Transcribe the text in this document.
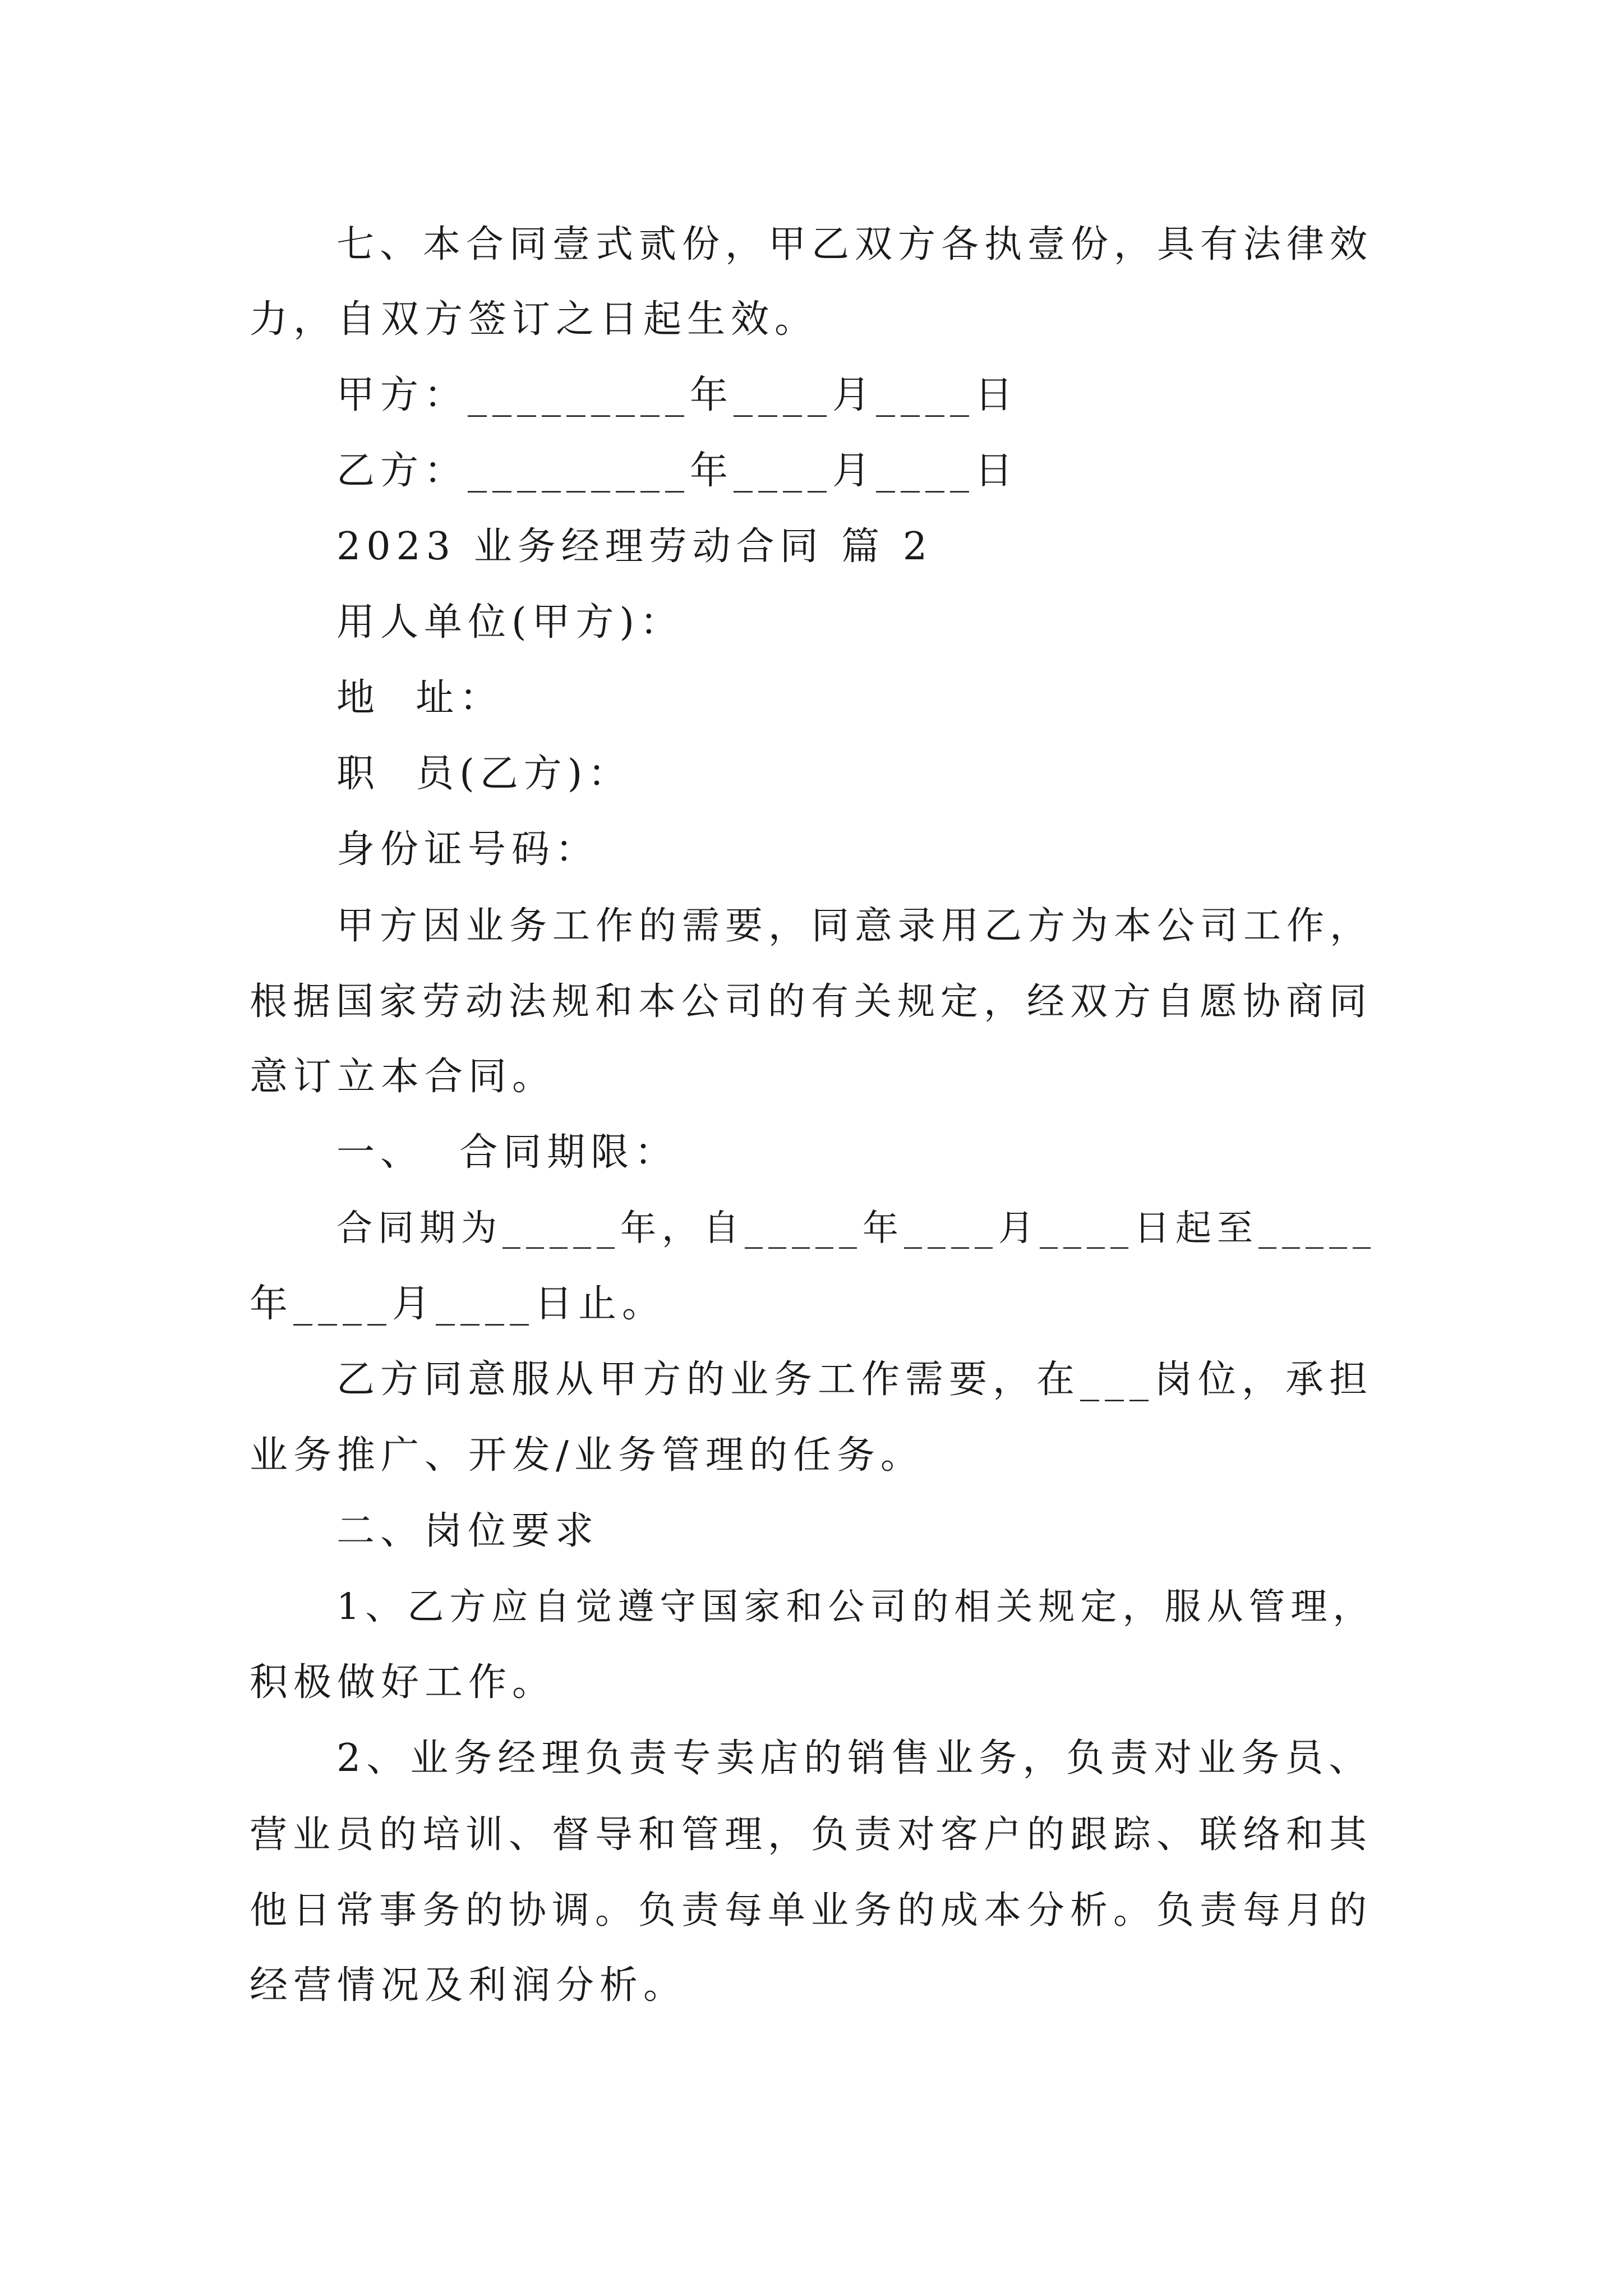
七、本合同壹式贰份，甲乙双方各执壹份，具有法律效
力，自双方签订之日起生效。
甲方：_________年____月____日
乙方：_________年____月____日
2023 业务经理劳动合同 篇 2
用人单位(甲方)：
地  址：
职  员(乙方)：
身份证号码：
甲方因业务工作的需要，同意录用乙方为本公司工作，
根据国家劳动法规和本公司的有关规定，经双方自愿协商同
意订立本合同。
一、  合同期限：
合同期为_____年，自_____年____月____日起至_____
年____月____日止。
乙方同意服从甲方的业务工作需要，在___岗位，承担
业务推广、开发/业务管理的任务。
二、岗位要求
1、乙方应自觉遵守国家和公司的相关规定，服从管理，
积极做好工作。
2、业务经理负责专卖店的销售业务，负责对业务员、
营业员的培训、督导和管理，负责对客户的跟踪、联络和其
他日常事务的协调。负责每单业务的成本分析。负责每月的
经营情况及利润分析。
